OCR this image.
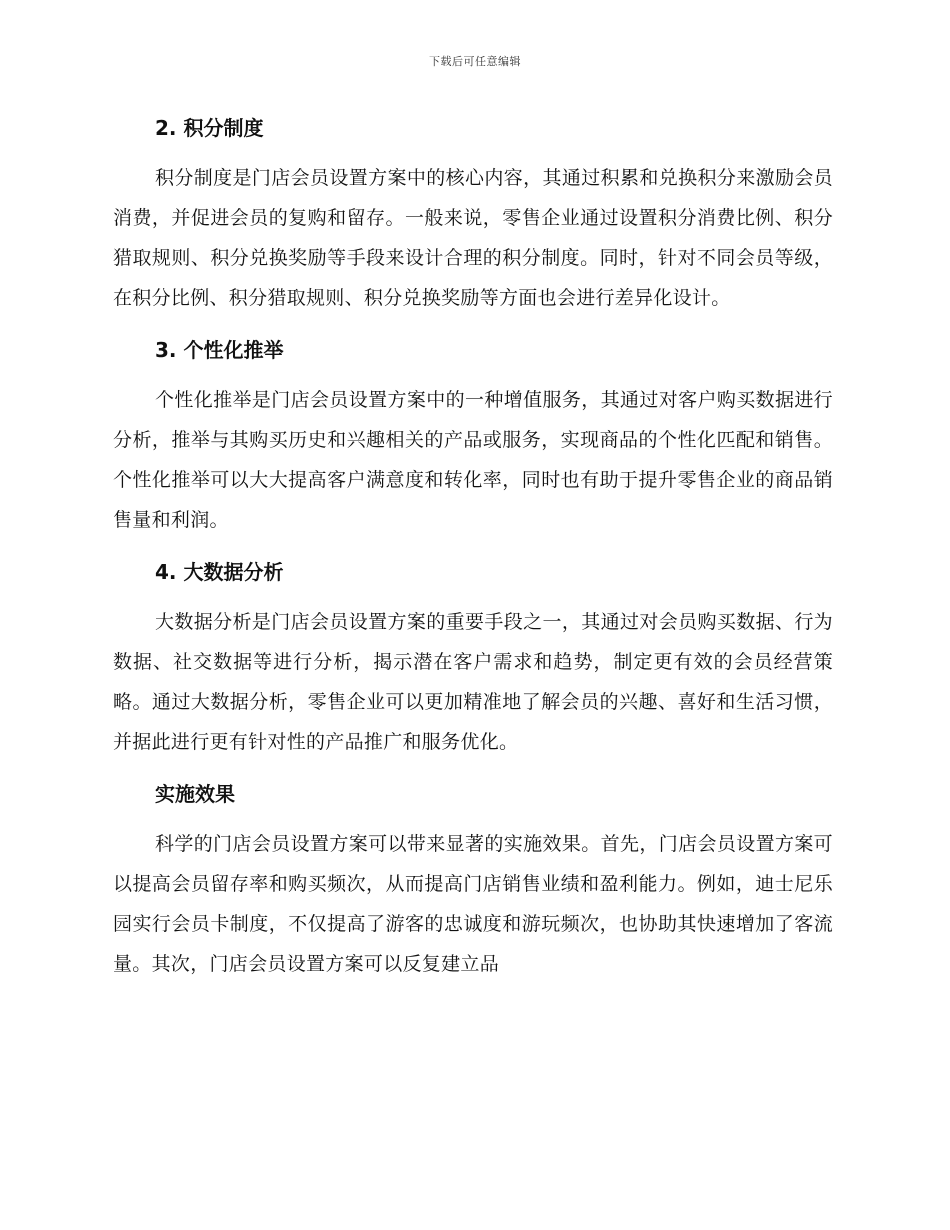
下载后可任意编辑
2. 积分制度

积分制度是门店会员设置方案中的核心内容，其通过积累和兑换积分来激励会员消费，并促进会员的复购和留存。一般来说，零售企业通过设置积分消费比例、积分猎取规则、积分兑换奖励等手段来设计合理的积分制度。同时，针对不同会员等级，在积分比例、积分猎取规则、积分兑换奖励等方面也会进行差异化设计。

3. 个性化推举

个性化推举是门店会员设置方案中的一种增值服务，其通过对客户购买数据进行分析，推举与其购买历史和兴趣相关的产品或服务，实现商品的个性化匹配和销售。个性化推举可以大大提高客户满意度和转化率，同时也有助于提升零售企业的商品销售量和利润。

4. 大数据分析

大数据分析是门店会员设置方案的重要手段之一，其通过对会员购买数据、行为数据、社交数据等进行分析，揭示潜在客户需求和趋势，制定更有效的会员经营策略。通过大数据分析，零售企业可以更加精准地了解会员的兴趣、喜好和生活习惯，并据此进行更有针对性的产品推广和服务优化。

实施效果

科学的门店会员设置方案可以带来显著的实施效果。首先，门店会员设置方案可以提高会员留存率和购买频次，从而提高门店销售业绩和盈利能力。例如，迪士尼乐园实行会员卡制度，不仅提高了游客的忠诚度和游玩频次，也协助其快速增加了客流量。其次，门店会员设置方案可以反复建立品
